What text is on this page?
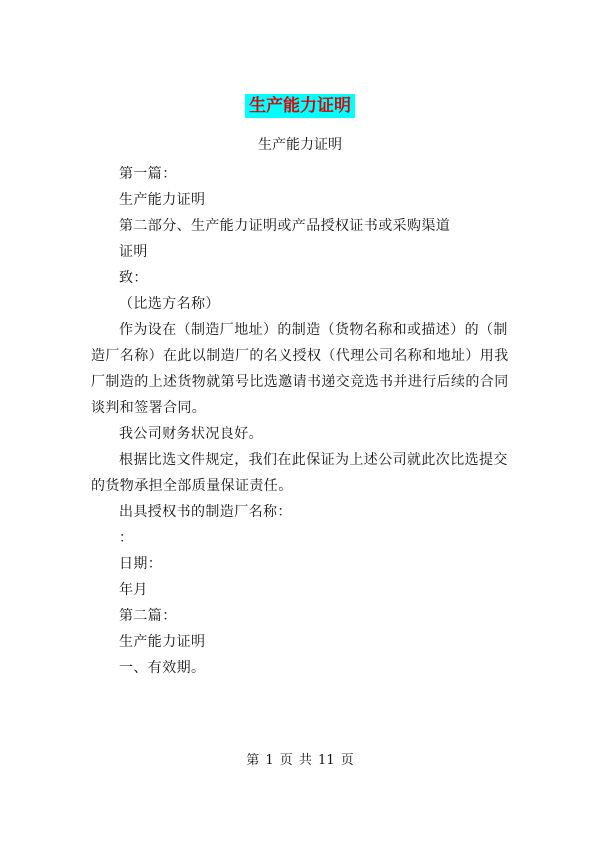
生产能力证明
生产能力证明

第一篇：

生产能力证明

第二部分、生产能力证明或产品授权证书或采购渠道

证明

致：

（比选方名称）

作为设在（制造厂地址）的制造（货物名称和或描述）的（制造厂名称）在此以制造厂的名义授权（代理公司名称和地址）用我厂制造的上述货物就第号比选邀请书递交竞选书并进行后续的合同谈判和签署合同。

我公司财务状况良好。

根据比选文件规定，我们在此保证为上述公司就此次比选提交的货物承担全部质量保证责任。

出具授权书的制造厂名称：

：

日期：

年月

第二篇：

生产能力证明

一、有效期。

第 1 页 共 11 页
